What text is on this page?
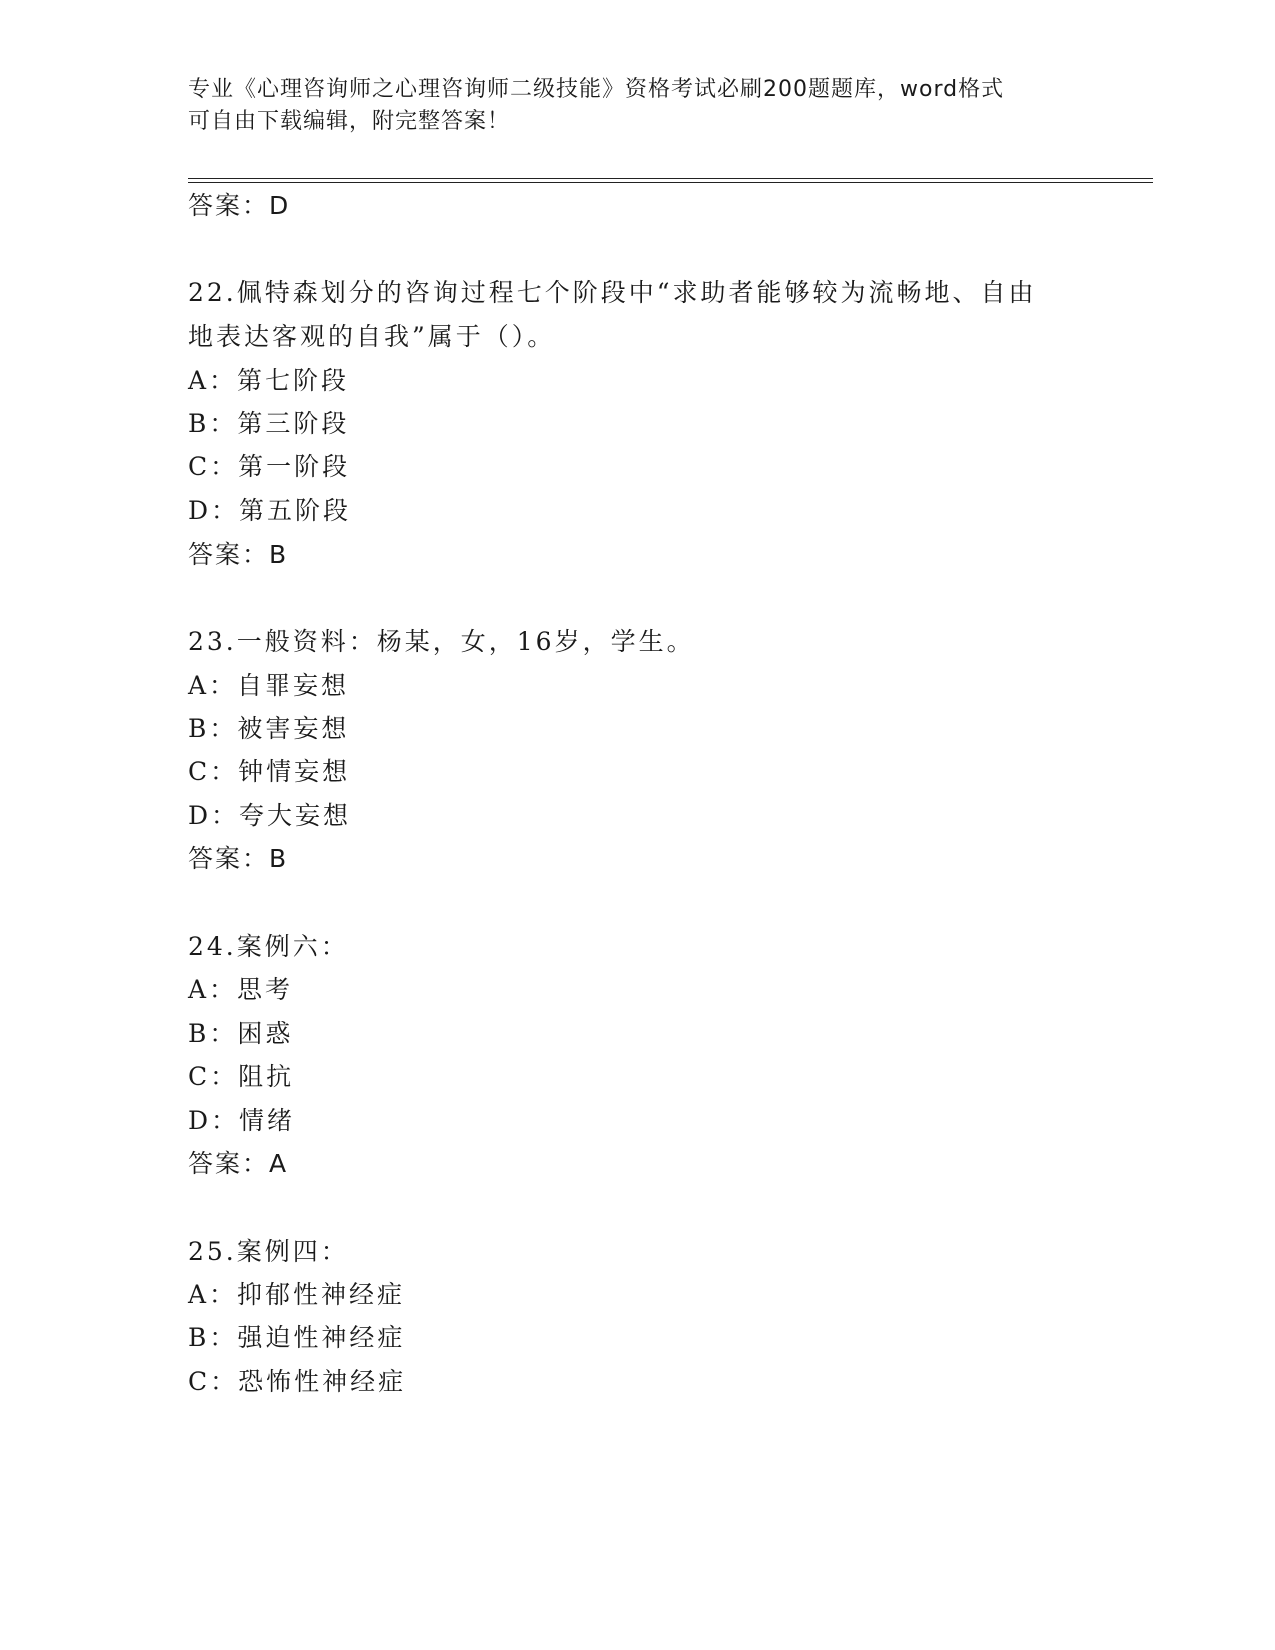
专业《心理咨询师之心理咨询师二级技能》资格考试必刷200题题库，word格式
可自由下载编辑，附完整答案！
答案：D
22.佩特森划分的咨询过程七个阶段中“求助者能够较为流畅地、自由
地表达客观的自我”属于（）。
A：第七阶段
B：第三阶段
C：第一阶段
D：第五阶段
答案：B
23.一般资料：杨某，女，16岁，学生。
A：自罪妄想
B：被害妄想
C：钟情妄想
D：夸大妄想
答案：B
24.案例六：
A：思考
B：困惑
C：阻抗
D：情绪
答案：A
25.案例四：
A：抑郁性神经症
B：强迫性神经症
C：恐怖性神经症
